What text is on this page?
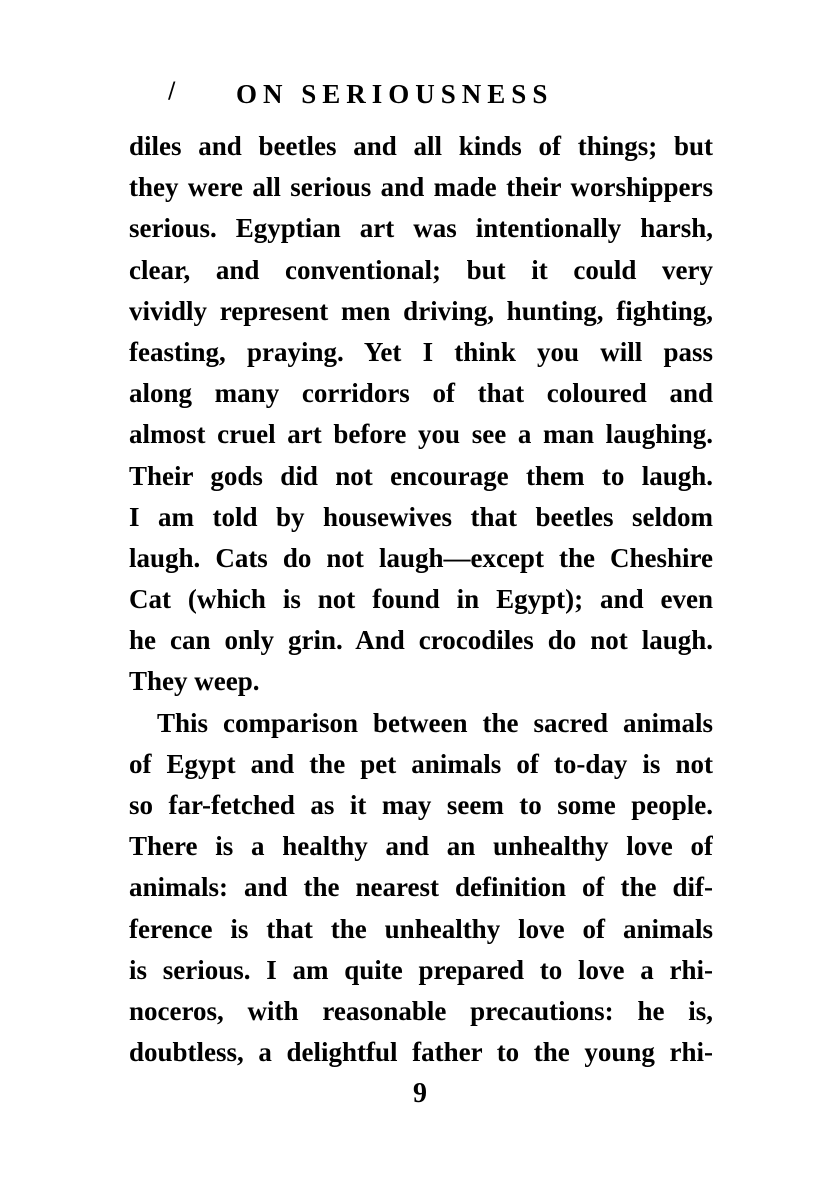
/ ON SERIOUSNESS
diles and beetles and all kinds of things; but
they were all serious and made their worshippers
serious. Egyptian art was intentionally harsh,
clear, and conventional; but it could very
vividly represent men driving, hunting, fighting,
feasting, praying. Yet I think you will pass
along many corridors of that coloured and
almost cruel art before you see a man laughing.
Their gods did not encourage them to laugh.
I am told by housewives that beetles seldom
laugh. Cats do not laugh—except the Cheshire
Cat (which is not found in Egypt); and even
he can only grin. And crocodiles do not laugh.
They weep.
This comparison between the sacred animals
of Egypt and the pet animals of to-day is not
so far-fetched as it may seem to some people.
There is a healthy and an unhealthy love of
animals: and the nearest definition of the dif-
ference is that the unhealthy love of animals
is serious. I am quite prepared to love a rhi-
noceros, with reasonable precautions: he is,
doubtless, a delightful father to the young rhi-
9
